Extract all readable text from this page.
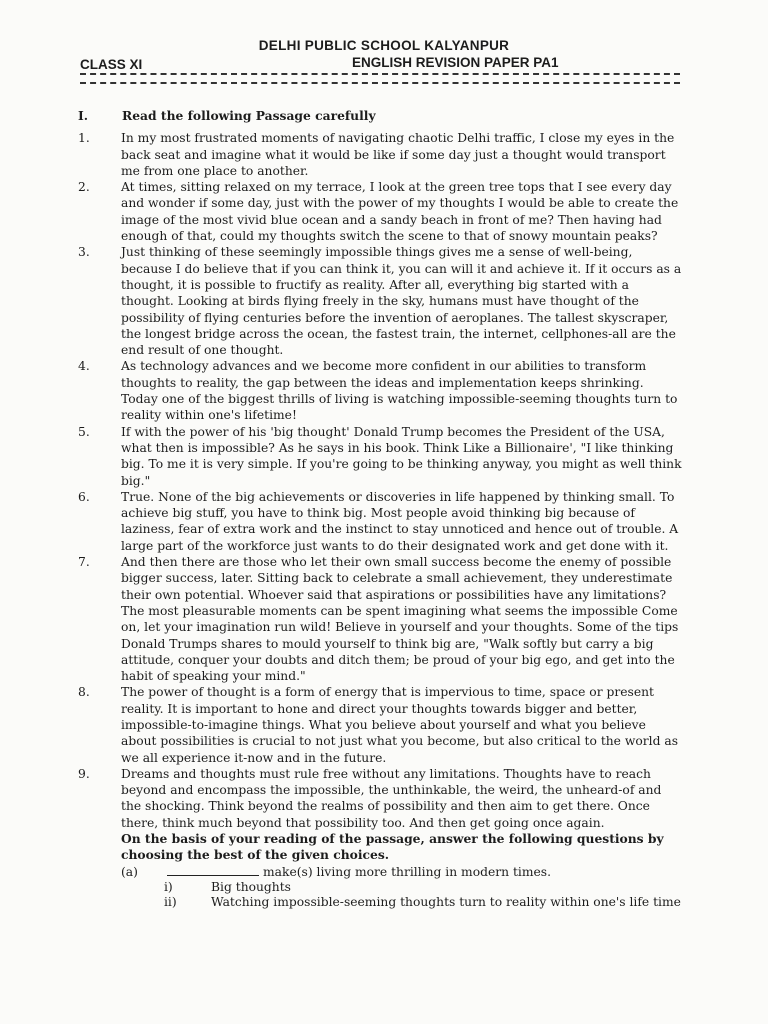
DELHI PUBLIC SCHOOL KALYANPUR
CLASS XI	ENGLISH REVISION PAPER PA1
I.	Read the following Passage carefully
1.	In my most frustrated moments of navigating chaotic Delhi traffic, I close my eyes in the back seat and imagine what it would be like if some day just a thought would transport me from one place to another.
2.	At times, sitting relaxed on my terrace, I look at the green tree tops that I see every day and wonder if some day, just with the power of my thoughts I would be able to create the image of the most vivid blue ocean and a sandy beach in front of me? Then having had enough of that, could my thoughts switch the scene to that of snowy mountain peaks?
3.	Just thinking of these seemingly impossible things gives me a sense of well-being, because I do believe that if you can think it, you can will it and achieve it. If it occurs as a thought, it is possible to fructify as reality. After all, everything big started with a thought. Looking at birds flying freely in the sky, humans must have thought of the possibility of flying centuries before the invention of aeroplanes. The tallest skyscraper, the longest bridge across the ocean, the fastest train, the internet, cellphones-all are the end result of one thought.
4.	As technology advances and we become more confident in our abilities to transform thoughts to reality, the gap between the ideas and implementation keeps shrinking. Today one of the biggest thrills of living is watching impossible-seeming thoughts turn to reality within one's lifetime!
5.	If with the power of his 'big thought' Donald Trump becomes the President of the USA, what then is impossible? As he says in his book. Think Like a Billionaire', "I like thinking big. To me it is very simple. If you're going to be thinking anyway, you might as well think big."
6.	True. None of the big achievements or discoveries in life happened by thinking small. To achieve big stuff, you have to think big. Most people avoid thinking big because of laziness, fear of extra work and the instinct to stay unnoticed and hence out of trouble. A large part of the workforce just wants to do their designated work and get done with it.
7.	And then there are those who let their own small success become the enemy of possible bigger success, later. Sitting back to celebrate a small achievement, they underestimate their own potential. Whoever said that aspirations or possibilities have any limitations? The most pleasurable moments can be spent imagining what seems the impossible Come on, let your imagination run wild! Believe in yourself and your thoughts. Some of the tips Donald Trumps shares to mould yourself to think big are, "Walk softly but carry a big attitude, conquer your doubts and ditch them; be proud of your big ego, and get into the habit of speaking your mind."
8.	The power of thought is a form of energy that is impervious to time, space or present reality. It is important to hone and direct your thoughts towards bigger and better, impossible-to-imagine things. What you believe about yourself and what you believe about possibilities is crucial to not just what you become, but also critical to the world as we all experience it-now and in the future.
9.	Dreams and thoughts must rule free without any limitations. Thoughts have to reach beyond and encompass the impossible, the unthinkable, the weird, the unheard-of and the shocking. Think beyond the realms of possibility and then aim to get there. Once there, think much beyond that possibility too. And then get going once again.
On the basis of your reading of the passage, answer the following questions by choosing the best of the given choices.
(a)	make(s) living more thrilling in modern times.
i)	Big thoughts
ii)	Watching impossible-seeming thoughts turn to reality within one's life time
